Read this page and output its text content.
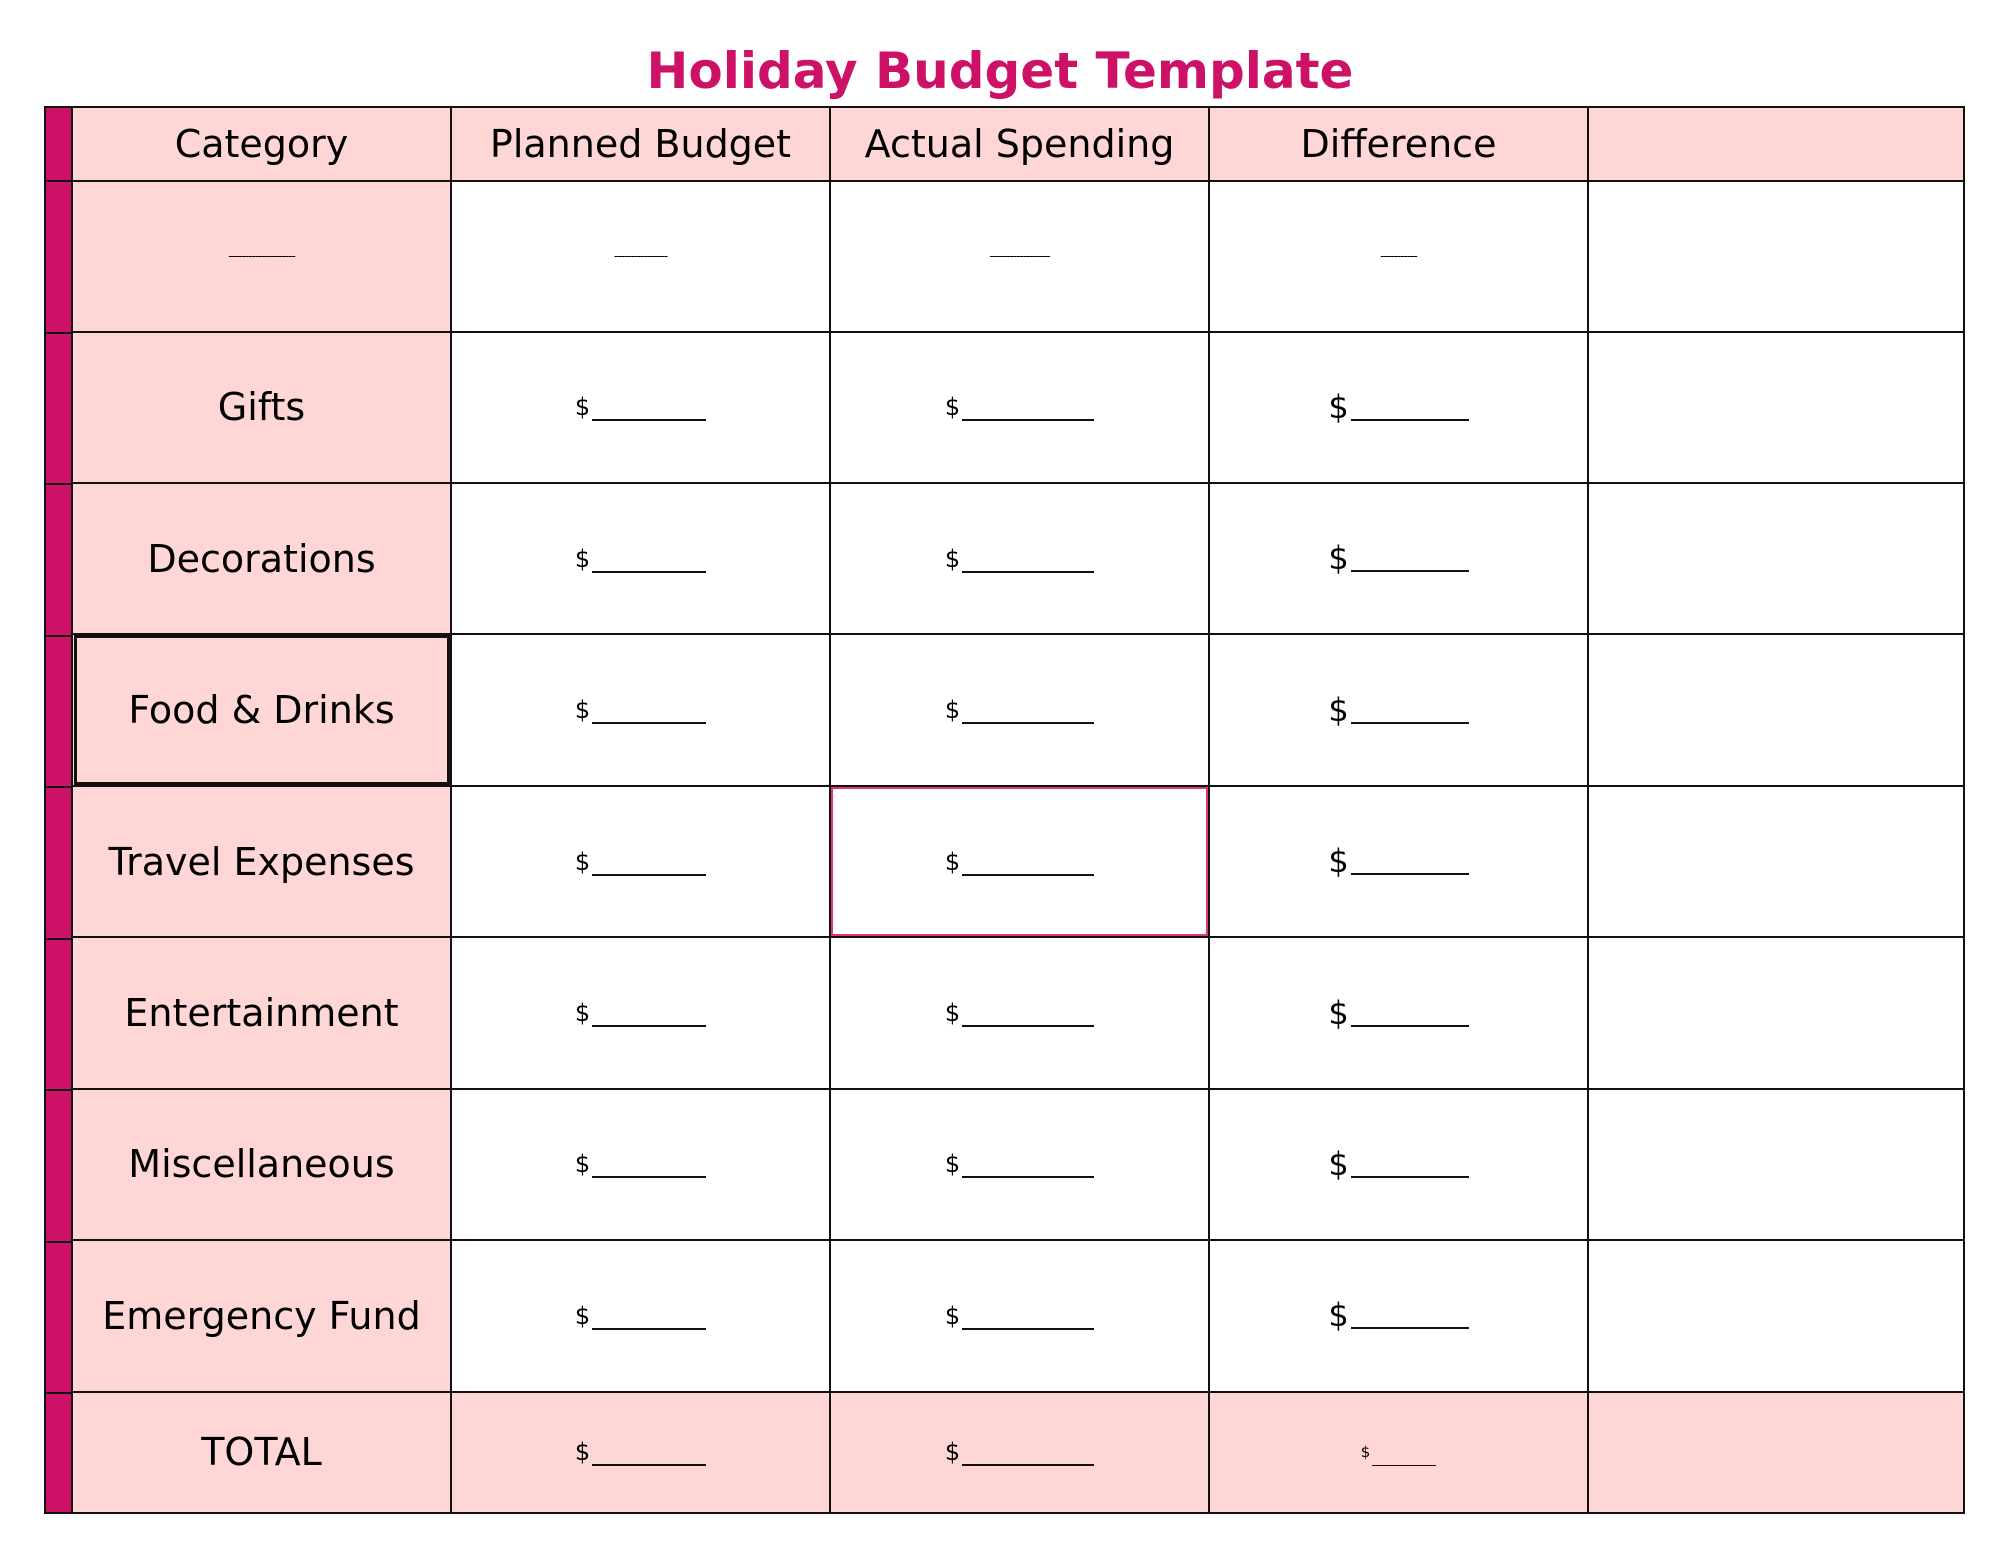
Holiday Budget Template
Category	Planned Budget	Actual Spending	Difference	
--------------------	----------------	------------------	-----------	
Gifts	$	$	$	
Decorations	$	$	$	
Food & Drinks	$	$	$	
Travel Expenses	$	$	$	
Entertainment	$	$	$	
Miscellaneous	$	$	$	
Emergency Fund	$	$	$	
TOTAL	$	$	$	
